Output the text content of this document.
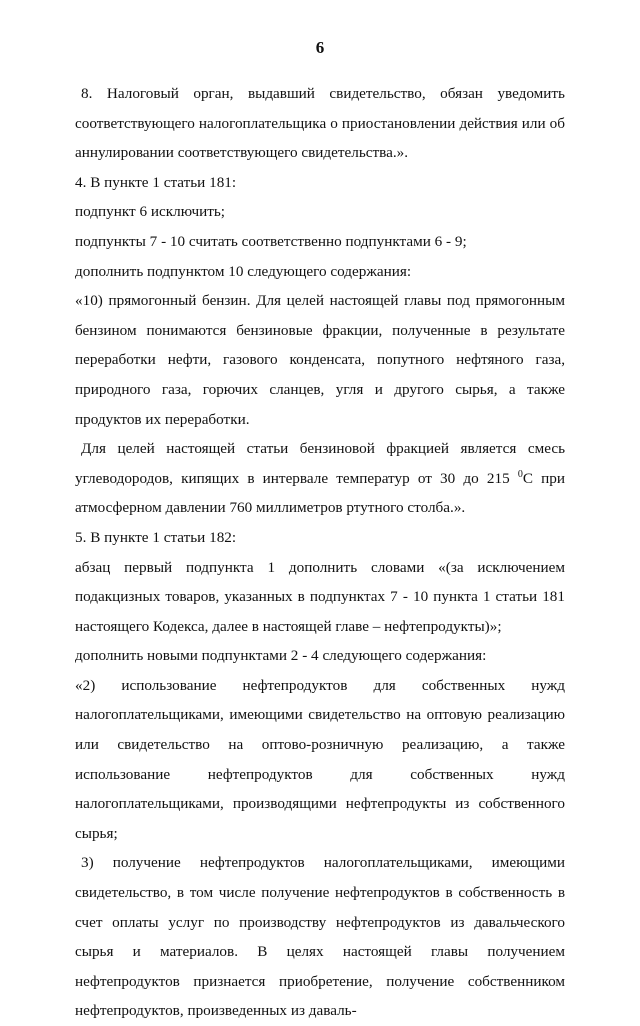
6

8. Налоговый орган, выдавший свидетельство, обязан уведомить соответствующего налогоплательщика о приостановлении действия или об аннулировании соответствующего свидетельства.».

4. В пункте 1 статьи 181:

подпункт 6 исключить;

подпункты 7 - 10 считать соответственно подпунктами 6 - 9;

дополнить подпунктом 10 следующего содержания:

«10) прямогонный бензин. Для целей настоящей главы под прямогонным бензином понимаются бензиновые фракции, полученные в результате переработки нефти, газового конденсата, попутного нефтяного газа, природного газа, горючих сланцев, угля и другого сырья, а также продуктов их переработки.

Для целей настоящей статьи бензиновой фракцией является смесь углеводородов, кипящих в интервале температур от 30 до 215 $^0$С при атмосферном давлении 760 миллиметров ртутного столба.».

5. В пункте 1 статьи 182:

абзац первый подпункта 1 дополнить словами «(за исключением подакцизных товаров, указанных в подпунктах 7 - 10 пункта 1 статьи 181 настоящего Кодекса, далее в настоящей главе – нефтепродукты)»;

дополнить новыми подпунктами 2 - 4 следующего содержания:

«2) использование нефтепродуктов для собственных нужд налогоплательщиками, имеющими свидетельство на оптовую реализацию или свидетельство на оптово-розничную реализацию, а также использование нефтепродуктов для собственных нужд налогоплательщиками, производящими нефтепродукты из собственного сырья;

3) получение нефтепродуктов налогоплательщиками, имеющими свидетельство, в том числе получение нефтепродуктов в собственность в счет оплаты услуг по производству нефтепродуктов из давальческого сырья и материалов. В целях настоящей главы получением нефтепродуктов признается приобретение, получение собственником нефтепродуктов, произведенных из даваль-
